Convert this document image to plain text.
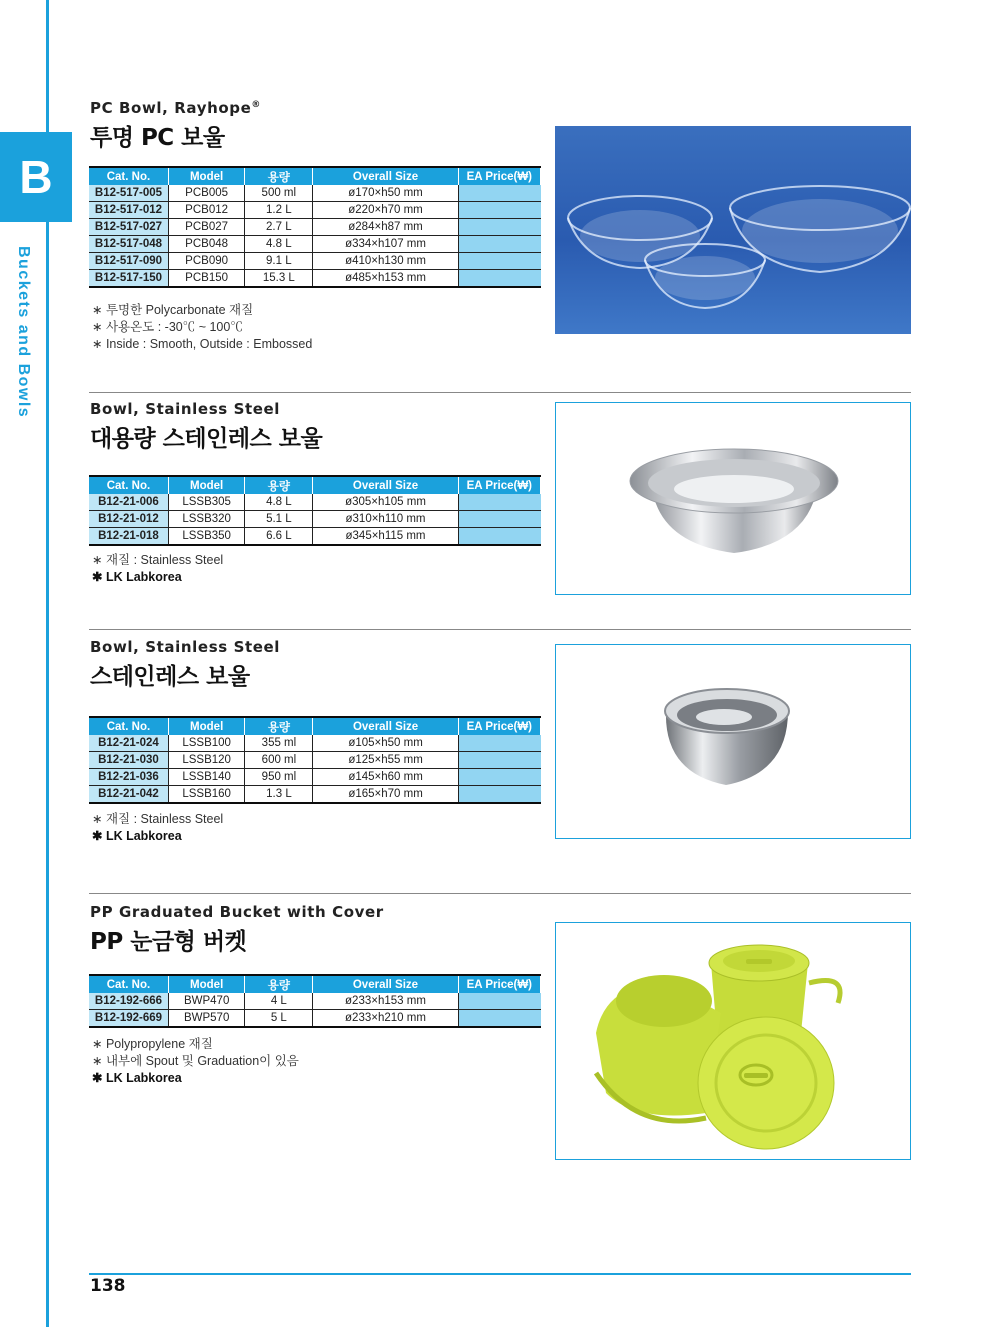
B
Buckets and Bowls
PC Bowl, Rayhope®
투명 PC 보울
Cat. No.	Model	용량	Overall Size	EA Price(₩)
B12-517-005	PCB005	500 ml	ø170×h50 mm	
B12-517-012	PCB012	1.2 L	ø220×h70 mm	
B12-517-027	PCB027	2.7 L	ø284×h87 mm	
B12-517-048	PCB048	4.8 L	ø334×h107 mm	
B12-517-090	PCB090	9.1 L	ø410×h130 mm	
B12-517-150	PCB150	15.3 L	ø485×h153 mm	
∗ 투명한 Polycarbonate 재질
∗ 사용온도 : -30℃ ~ 100℃
∗ Inside : Smooth, Outside : Embossed
Bowl, Stainless Steel
대용량 스테인레스 보울
Cat. No.	Model	용량	Overall Size	EA Price(₩)
B12-21-006	LSSB305	4.8 L	ø305×h105 mm	
B12-21-012	LSSB320	5.1 L	ø310×h110 mm	
B12-21-018	LSSB350	6.6 L	ø345×h115 mm	
∗ 재질 : Stainless Steel
✱ LK Labkorea
Bowl, Stainless Steel
스테인레스 보울
Cat. No.	Model	용량	Overall Size	EA Price(₩)
B12-21-024	LSSB100	355 ml	ø105×h50 mm	
B12-21-030	LSSB120	600 ml	ø125×h55 mm	
B12-21-036	LSSB140	950 ml	ø145×h60 mm	
B12-21-042	LSSB160	1.3 L	ø165×h70 mm	
∗ 재질 : Stainless Steel
✱ LK Labkorea
PP Graduated Bucket with Cover
PP 눈금형 버켓
Cat. No.	Model	용량	Overall Size	EA Price(₩)
B12-192-666	BWP470	4 L	ø233×h153 mm	
B12-192-669	BWP570	5 L	ø233×h210 mm	
∗ Polypropylene 재질
∗ 내부에 Spout 및 Graduation이 있음
✱ LK Labkorea
138
